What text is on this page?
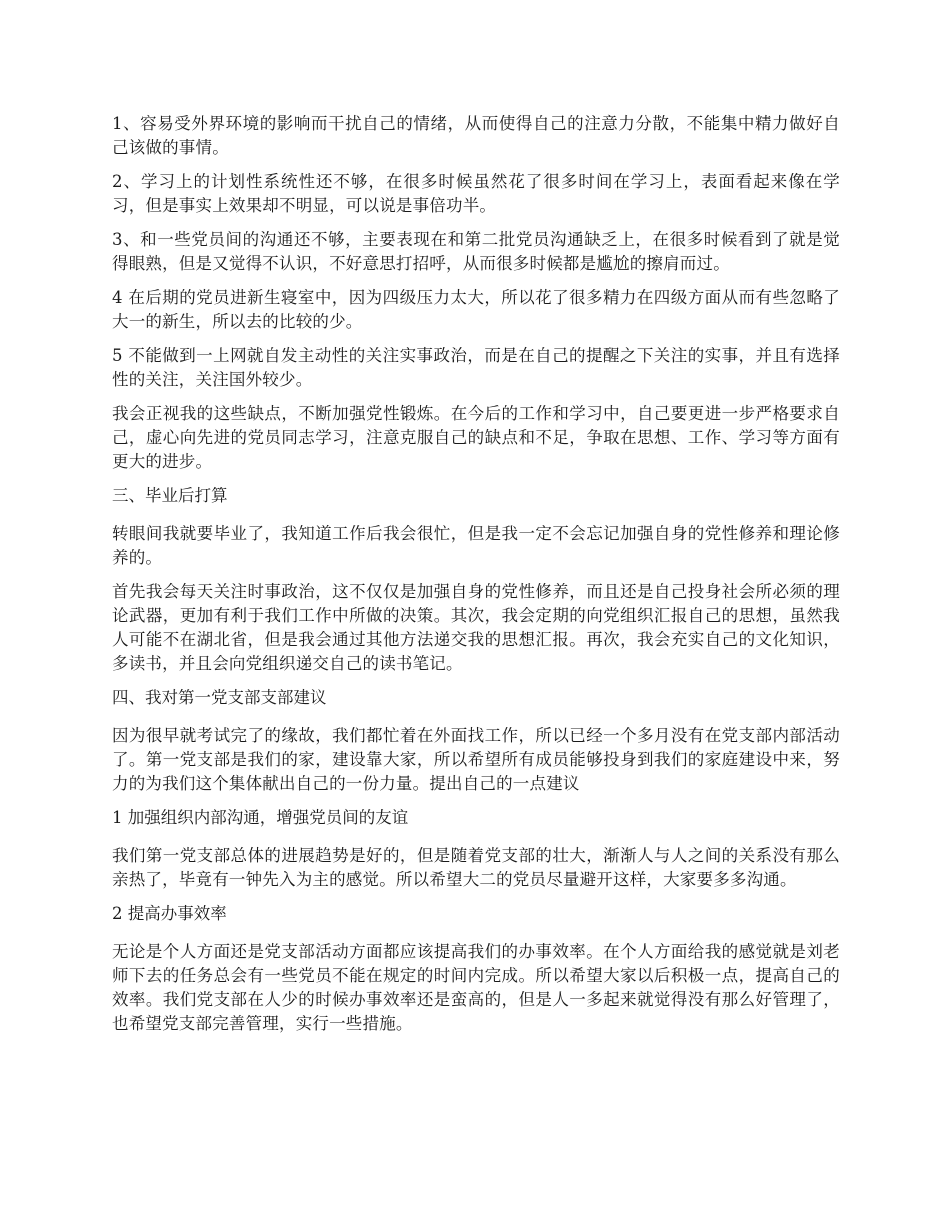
1、容易受外界环境的影响而干扰自己的情绪，从而使得自己的注意力分散，不能集中精力做好自己该做的事情。

2、学习上的计划性系统性还不够，在很多时候虽然花了很多时间在学习上，表面看起来像在学习，但是事实上效果却不明显，可以说是事倍功半。

3、和一些党员间的沟通还不够，主要表现在和第二批党员沟通缺乏上，在很多时候看到了就是觉得眼熟，但是又觉得不认识，不好意思打招呼，从而很多时候都是尴尬的擦肩而过。

4 在后期的党员进新生寝室中，因为四级压力太大，所以花了很多精力在四级方面从而有些忽略了大一的新生，所以去的比较的少。

5 不能做到一上网就自发主动性的关注实事政治，而是在自己的提醒之下关注的实事，并且有选择性的关注，关注国外较少。

我会正视我的这些缺点，不断加强党性锻炼。在今后的工作和学习中，自己要更进一步严格要求自己，虚心向先进的党员同志学习，注意克服自己的缺点和不足，争取在思想、工作、学习等方面有更大的进步。

三、毕业后打算

转眼间我就要毕业了，我知道工作后我会很忙，但是我一定不会忘记加强自身的党性修养和理论修养的。

首先我会每天关注时事政治，这不仅仅是加强自身的党性修养，而且还是自己投身社会所必须的理论武器，更加有利于我们工作中所做的决策。其次，我会定期的向党组织汇报自己的思想，虽然我人可能不在湖北省，但是我会通过其他方法递交我的思想汇报。再次，我会充实自己的文化知识，多读书，并且会向党组织递交自己的读书笔记。

四、我对第一党支部支部建议

因为很早就考试完了的缘故，我们都忙着在外面找工作，所以已经一个多月没有在党支部内部活动了。第一党支部是我们的家，建设靠大家，所以希望所有成员能够投身到我们的家庭建设中来，努力的为我们这个集体献出自己的一份力量。提出自己的一点建议

1 加强组织内部沟通，增强党员间的友谊

我们第一党支部总体的进展趋势是好的，但是随着党支部的壮大，渐渐人与人之间的关系没有那么亲热了，毕竟有一钟先入为主的感觉。所以希望大二的党员尽量避开这样，大家要多多沟通。

2 提高办事效率

无论是个人方面还是党支部活动方面都应该提高我们的办事效率。在个人方面给我的感觉就是刘老师下去的任务总会有一些党员不能在规定的时间内完成。所以希望大家以后积极一点，提高自己的效率。我们党支部在人少的时候办事效率还是蛮高的，但是人一多起来就觉得没有那么好管理了，也希望党支部完善管理，实行一些措施。
